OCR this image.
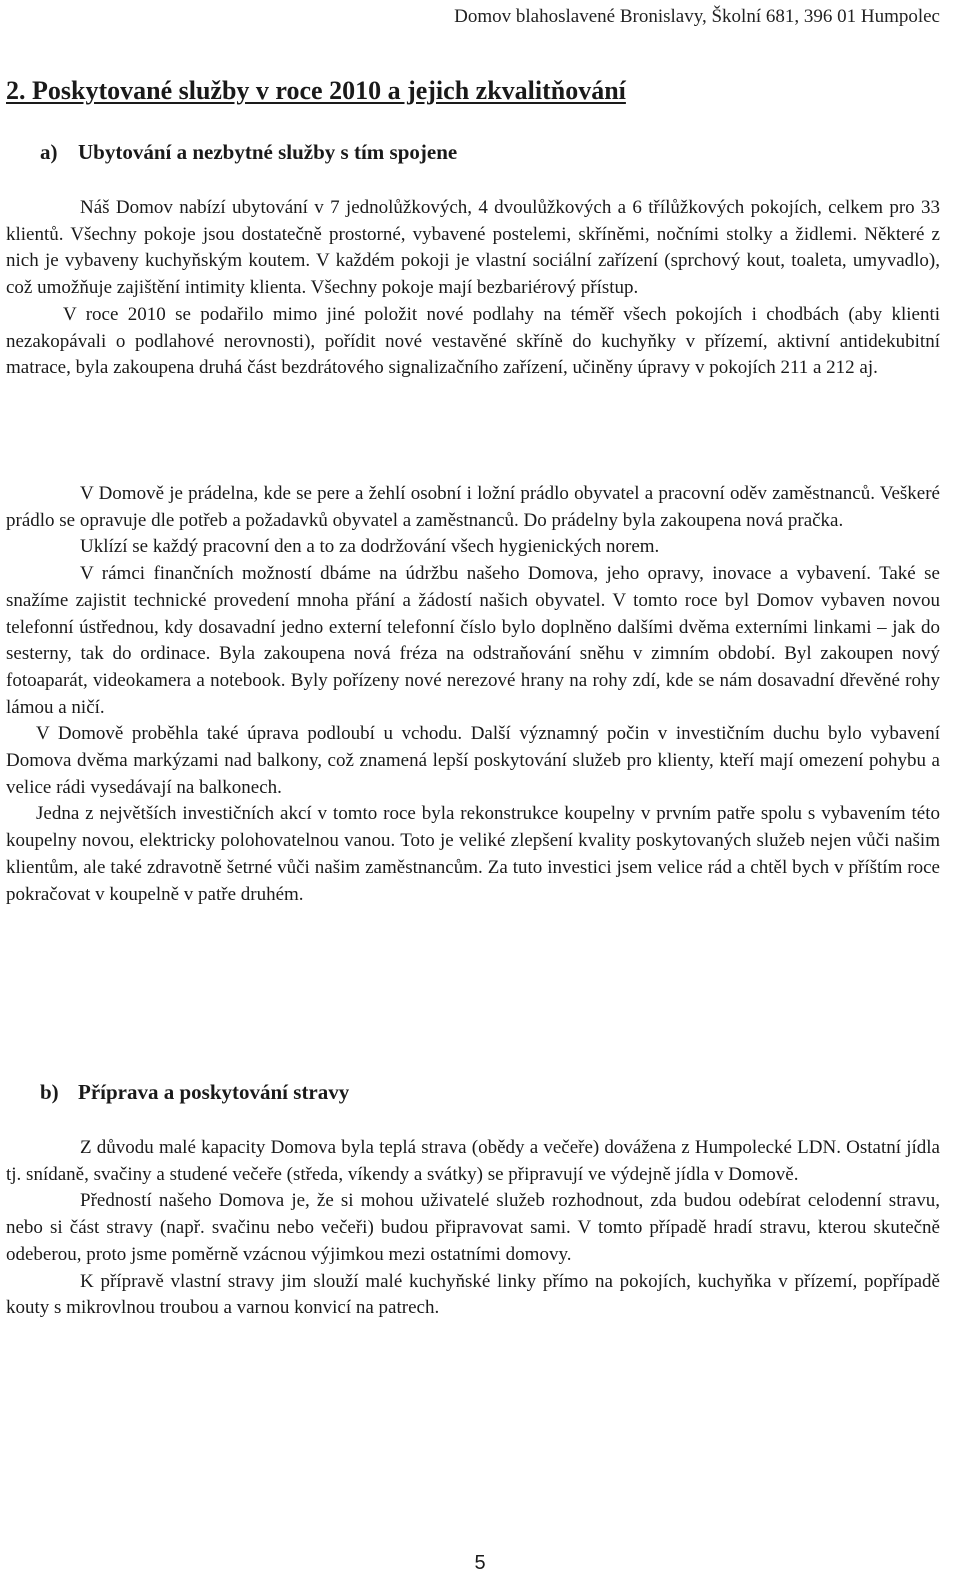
Domov blahoslavené Bronislavy, Školní 681, 396 01 Humpolec
2. Poskytované služby v roce 2010 a jejich zkvalitňování
a) Ubytování a nezbytné služby s tím spojene

Náš Domov nabízí ubytování v 7 jednolůžkových, 4 dvoulůžkových a 6 třílůžkových pokojích, celkem pro 33 klientů. Všechny pokoje jsou dostatečně prostorné, vybavené postelemi, skříněmi, nočními stolky a židlemi. Některé z nich je vybaveny kuchyňským koutem. V každém pokoji je vlastní sociální zařízení (sprchový kout, toaleta, umyvadlo), což umožňuje zajištění intimity klienta. Všechny pokoje mají bezbariérový přístup.

V roce 2010 se podařilo mimo jiné položit nové podlahy na téměř všech pokojích i chodbách (aby klienti nezakopávali o podlahové nerovnosti), pořídit nové vestavěné skříně do kuchyňky v přízemí, aktivní antidekubitní matrace, byla zakoupena druhá část bezdrátového signalizačního zařízení, učiněny úpravy v pokojích 211 a 212 aj.

V Domově je prádelna, kde se pere a žehlí osobní i ložní prádlo obyvatel a pracovní oděv zaměstnanců. Veškeré prádlo se opravuje dle potřeb a požadavků obyvatel a zaměstnanců. Do prádelny byla zakoupena nová pračka.

Uklízí se každý pracovní den a to za dodržování všech hygienických norem.

V rámci finančních možností dbáme na údržbu našeho Domova, jeho opravy, inovace a vybavení. Také se snažíme zajistit technické provedení mnoha přání a žádostí našich obyvatel. V tomto roce byl Domov vybaven novou telefonní ústřednou, kdy dosavadní jedno externí telefonní číslo bylo doplněno dalšími dvěma externími linkami – jak do sesterny, tak do ordinace. Byla zakoupena nová fréza na odstraňování sněhu v zimním období. Byl zakoupen nový fotoaparát, videokamera a notebook. Byly pořízeny nové nerezové hrany na rohy zdí, kde se nám dosavadní dřevěné rohy lámou a ničí.

V Domově proběhla také úprava podloubí u vchodu. Další významný počin v investičním duchu bylo vybavení Domova dvěma markýzami nad balkony, což znamená lepší poskytování služeb pro klienty, kteří mají omezení pohybu a velice rádi vysedávají na balkonech.

Jedna z největších investičních akcí v tomto roce byla rekonstrukce koupelny v prvním patře spolu s vybavením této koupelny novou, elektricky polohovatelnou vanou. Toto je veliké zlepšení kvality poskytovaných služeb nejen vůči našim klientům, ale také zdravotně šetrné vůči našim zaměstnancům. Za tuto investici jsem velice rád a chtěl bych v příštím roce pokračovat v koupelně v patře druhém.

b) Příprava a poskytování stravy

Z důvodu malé kapacity Domova byla teplá strava (obědy a večeře) dovážena z Humpolecké LDN. Ostatní jídla tj. snídaně, svačiny a studené večeře (středa, víkendy a svátky) se připravují ve výdejně jídla v Domově.

Předností našeho Domova je, že si mohou uživatelé služeb rozhodnout, zda budou odebírat celodenní stravu, nebo si část stravy (např. svačinu nebo večeři) budou připravovat sami. V tomto případě hradí stravu, kterou skutečně odeberou, proto jsme poměrně vzácnou výjimkou mezi ostatními domovy.

K přípravě vlastní stravy jim slouží malé kuchyňské linky přímo na pokojích, kuchyňka v přízemí, popřípadě kouty s mikrovlnou troubou a varnou konvicí na patrech.

5
